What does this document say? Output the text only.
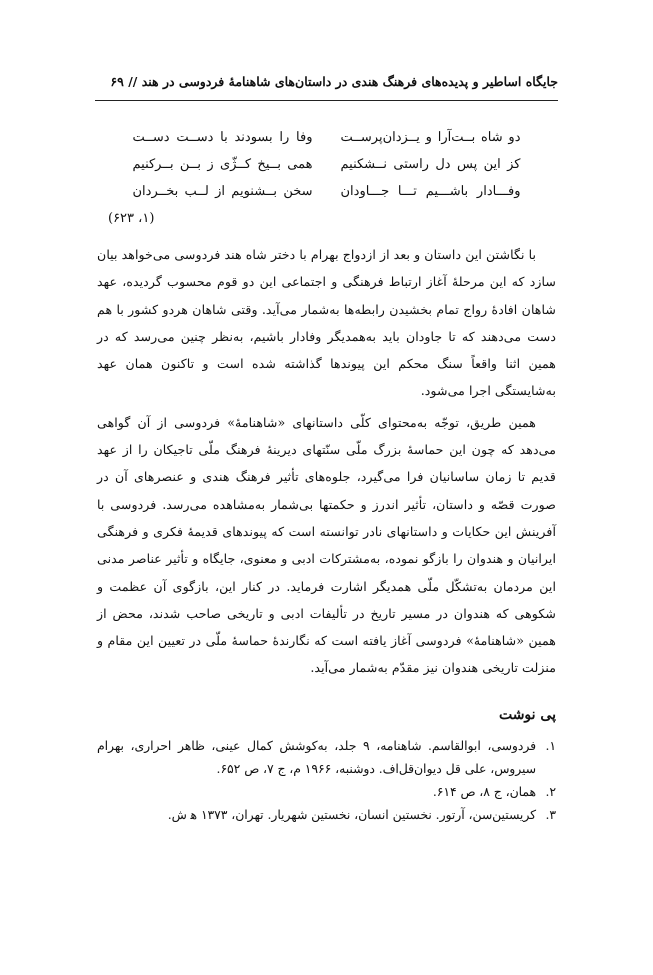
جایگاه اساطیر و پدیده‌های فرهنگ هندی در داستان‌های شاهنامهٔ فردوسی در هند // ۶۹
دو شاه بــت‌آرا و یــزدان‌پرســت
وفا را بسودند با دســت دســت
کز این پس دل راستی نــشکنیم
همی بــیخ کــژّی ز بــن بــرکنیم
وفـــادار باشـــیم تـــا جـــاودان
سخن بــشنویم از لــب بخــردان
(۱، ۶۲۳)

با نگاشتن این داستان و بعد از ازدواج بهرام با دختر شاه هند فردوسی می‌خواهد بیان سازد که این مرحلهٔ آغاز ارتباط فرهنگی و اجتماعی این دو قوم محسوب گردیده، عهد شاهان افادهٔ رواج تمام بخشیدن رابطه‌ها به‌شمار می‌آید. وقتی شاهان هردو کشور با هم دست می‌دهند که تا جاودان باید به‌همدیگر وفادار باشیم، به‌نظر چنین می‌رسد که در همین اثنا واقعاً سنگ محکم این پیوندها گذاشته شده است و تاکنون همان عهد به‌شایستگی اجرا می‌شود.

همین طریق، توجّه به‌محتوای کلّی داستانهای «شاهنامهٔ» فردوسی از آن گواهی می‌دهد که چون این حماسهٔ بزرگ ملّی سنّتهای دیرینهٔ فرهنگ ملّی تاجیکان را از عهد قدیم تا زمان ساسانیان فرا می‌گیرد، جلوه‌های تأثیر فرهنگ هندی و عنصرهای آن در صورت قصّه و داستان، تأثیر اندرز و حکمتها بی‌شمار به‌مشاهده می‌رسد. فردوسی با آفرینش این حکایات و داستانهای نادر توانسته است که پیوندهای قدیمهٔ فکری و فرهنگی ایرانیان و هندوان را بازگو نموده، به‌مشترکات ادبی و معنوی، جایگاه و تأثیر عناصر مدنی این مردمان به‌تشکّل ملّی همدیگر اشارت فرماید. در کنار این، بازگوی آن عظمت و شکوهی که هندوان در مسیر تاریخ در تألیفات ادبی و تاریخی صاحب شدند، محض از همین «شاهنامهٔ» فردوسی آغاز یافته است که نگارندهٔ حماسهٔ ملّی در تعیین این مقام و منزلت تاریخی هندوان نیز مقدّم به‌شمار می‌آید.

پی نوشت
۱.
فردوسی، ابوالقاسم. شاهنامه، ۹ جلد، به‌کوشش کمال عینی، ظاهر احراری، بهرام سیروس، علی قل دیوان‌قل‌اف. دوشنبه، ۱۹۶۶ م، ج ۷، ص ۶۵۲.
۲.
همان، ج ۸، ص ۶۱۴.
۳.
کریستین‌سن، آرتور. نخستین انسان، نخستین شهریار. تهران، ۱۳۷۳ ﻫ ش.
